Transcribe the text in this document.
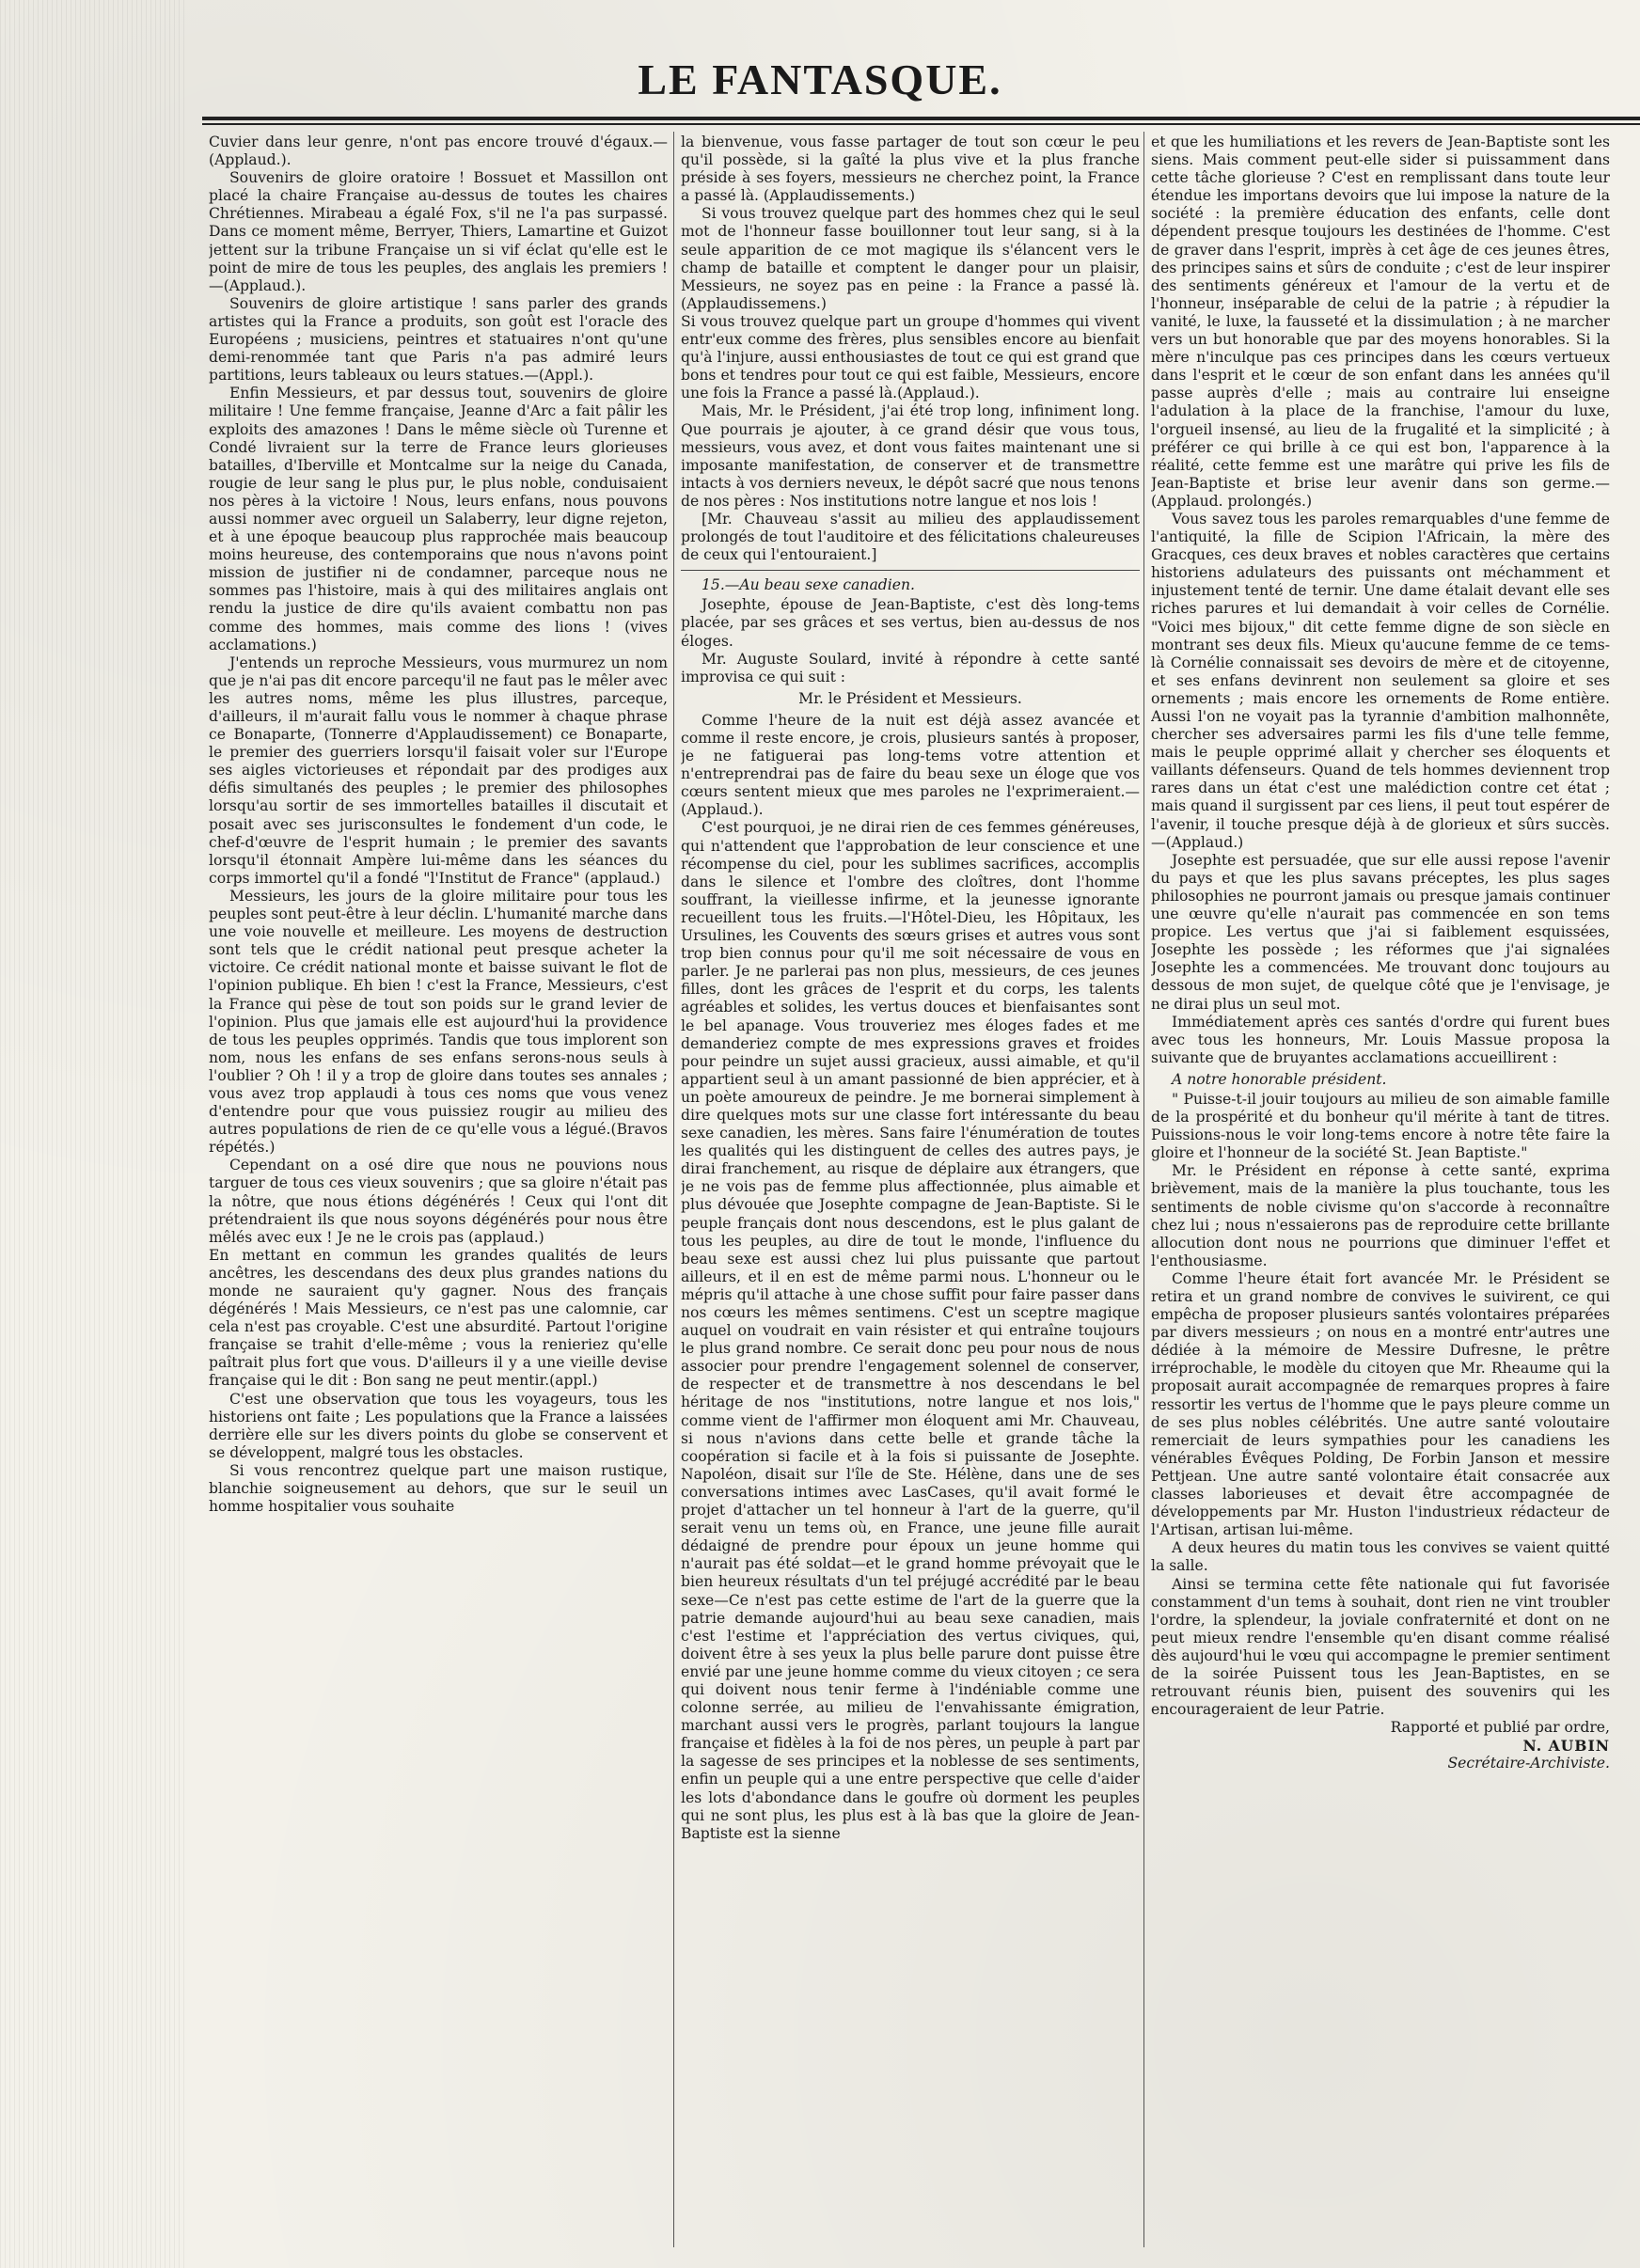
LE FANTASQUE.

Cuvier dans leur genre, n'ont pas encore trouvé d'égaux.—(Applaud.).

Souvenirs de gloire oratoire ! Bossuet et Massillon ont placé la chaire Française au-dessus de toutes les chaires Chrétiennes. Mirabeau a égalé Fox, s'il ne l'a pas surpassé. Dans ce moment même, Berryer, Thiers, Lamartine et Guizot jettent sur la tribune Française un si vif éclat qu'elle est le point de mire de tous les peuples, des anglais les premiers !—(Applaud.).

Souvenirs de gloire artistique ! sans parler des grands artistes qui la France a produits, son goût est l'oracle des Européens ; musiciens, peintres et statuaires n'ont qu'une demi-renommée tant que Paris n'a pas admiré leurs partitions, leurs tableaux ou leurs statues.—(Appl.).

Enfin Messieurs, et par dessus tout, souvenirs de gloire militaire ! Une femme française, Jeanne d'Arc a fait pâlir les exploits des amazones ! Dans le même siècle où Turenne et Condé livraient sur la terre de France leurs glorieuses batailles, d'Iberville et Montcalme sur la neige du Canada, rougie de leur sang le plus pur, le plus noble, conduisaient nos pères à la victoire ! Nous, leurs enfans, nous pouvons aussi nommer avec orgueil un Salaberry, leur digne rejeton, et à une époque beaucoup plus rapprochée mais beaucoup moins heureuse, des contemporains que nous n'avons point mission de justifier ni de condamner, parceque nous ne sommes pas l'histoire, mais à qui des militaires anglais ont rendu la justice de dire qu'ils avaient combattu non pas comme des hommes, mais comme des lions ! (vives acclamations.)

J'entends un reproche Messieurs, vous murmurez un nom que je n'ai pas dit encore parcequ'il ne faut pas le mêler avec les autres noms, même les plus illustres, parceque, d'ailleurs, il m'aurait fallu vous le nommer à chaque phrase ce Bonaparte, (Tonnerre d'Applaudissement) ce Bonaparte, le premier des guerriers lorsqu'il faisait voler sur l'Europe ses aigles victorieuses et répondait par des prodiges aux défis simultanés des peuples ; le premier des philosophes lorsqu'au sortir de ses immortelles batailles il discutait et posait avec ses jurisconsultes le fondement d'un code, le chef-d'œuvre de l'esprit humain ; le premier des savants lorsqu'il étonnait Ampère lui-même dans les séances du corps immortel qu'il a fondé "l'Institut de France" (applaud.)

Messieurs, les jours de la gloire militaire pour tous les peuples sont peut-être à leur déclin. L'humanité marche dans une voie nouvelle et meilleure. Les moyens de destruction sont tels que le crédit national peut presque acheter la victoire. Ce crédit national monte et baisse suivant le flot de l'opinion publique. Eh bien ! c'est la France, Messieurs, c'est la France qui pèse de tout son poids sur le grand levier de l'opinion. Plus que jamais elle est aujourd'hui la providence de tous les peuples opprimés. Tandis que tous implorent son nom, nous les enfans de ses enfans serons-nous seuls à l'oublier ? Oh ! il y a trop de gloire dans toutes ses annales ; vous avez trop applaudi à tous ces noms que vous venez d'entendre pour que vous puissiez rougir au milieu des autres populations de rien de ce qu'elle vous a légué.(Bravos répétés.)

Cependant on a osé dire que nous ne pouvions nous targuer de tous ces vieux souvenirs ; que sa gloire n'était pas la nôtre, que nous étions dégénérés ! Ceux qui l'ont dit prétendraient ils que nous soyons dégénérés pour nous être mêlés avec eux ! Je ne le crois pas (applaud.)

En mettant en commun les grandes qualités de leurs ancêtres, les descendans des deux plus grandes nations du monde ne sauraient qu'y gagner. Nous des français dégénérés ! Mais Messieurs, ce n'est pas une calomnie, car cela n'est pas croyable. C'est une absurdité. Partout l'origine française se trahit d'elle-même ; vous la renieriez qu'elle paîtrait plus fort que vous. D'ailleurs il y a une vieille devise française qui le dit : Bon sang ne peut mentir.(appl.)

C'est une observation que tous les voyageurs, tous les historiens ont faite ; Les populations que la France a laissées derrière elle sur les divers points du globe se conservent et se développent, malgré tous les obstacles.

Si vous rencontrez quelque part une maison rustique, blanchie soigneusement au dehors, que sur le seuil un homme hospitalier vous souhaite

la bienvenue, vous fasse partager de tout son cœur le peu qu'il possède, si la gaîté la plus vive et la plus franche préside à ses foyers, messieurs ne cherchez point, la France a passé là. (Applaudissements.)

Si vous trouvez quelque part des hommes chez qui le seul mot de l'honneur fasse bouillonner tout leur sang, si à la seule apparition de ce mot magique ils s'élancent vers le champ de bataille et comptent le danger pour un plaisir, Messieurs, ne soyez pas en peine : la France a passé là. (Applaudissemens.)

Si vous trouvez quelque part un groupe d'hommes qui vivent entr'eux comme des frères, plus sensibles encore au bienfait qu'à l'injure, aussi enthousiastes de tout ce qui est grand que bons et tendres pour tout ce qui est faible, Messieurs, encore une fois la France a passé là.(Applaud.).

Mais, Mr. le Président, j'ai été trop long, infiniment long. Que pourrais je ajouter, à ce grand désir que vous tous, messieurs, vous avez, et dont vous faites maintenant une si imposante manifestation, de conserver et de transmettre intacts à vos derniers neveux, le dépôt sacré que nous tenons de nos pères : Nos institutions notre langue et nos lois !

[Mr. Chauveau s'assit au milieu des applaudissement prolongés de tout l'auditoire et des félicitations chaleureuses de ceux qui l'entouraient.]

15.—Au beau sexe canadien.

Josephte, épouse de Jean-Baptiste, c'est dès long-tems placée, par ses grâces et ses vertus, bien au-dessus de nos éloges.

Mr. Auguste Soulard, invité à répondre à cette santé improvisa ce qui suit :

Mr. le Président et Messieurs.

Comme l'heure de la nuit est déjà assez avancée et comme il reste encore, je crois, plusieurs santés à proposer, je ne fatiguerai pas long-tems votre attention et n'entreprendrai pas de faire du beau sexe un éloge que vos cœurs sentent mieux que mes paroles ne l'exprimeraient.—(Applaud.).

C'est pourquoi, je ne dirai rien de ces femmes généreuses, qui n'attendent que l'approbation de leur conscience et une récompense du ciel, pour les sublimes sacrifices, accomplis dans le silence et l'ombre des cloîtres, dont l'homme souffrant, la vieillesse infirme, et la jeunesse ignorante recueillent tous les fruits.—l'Hôtel-Dieu, les Hôpitaux, les Ursulines, les Couvents des sœurs grises et autres vous sont trop bien connus pour qu'il me soit nécessaire de vous en parler. Je ne parlerai pas non plus, messieurs, de ces jeunes filles, dont les grâces de l'esprit et du corps, les talents agréables et solides, les vertus douces et bienfaisantes sont le bel apanage. Vous trouveriez mes éloges fades et me demanderiez compte de mes expressions graves et froides pour peindre un sujet aussi gracieux, aussi aimable, et qu'il appartient seul à un amant passionné de bien apprécier, et à un poète amoureux de peindre. Je me bornerai simplement à dire quelques mots sur une classe fort intéressante du beau sexe canadien, les mères. Sans faire l'énumération de toutes les qualités qui les distinguent de celles des autres pays, je dirai franchement, au risque de déplaire aux étrangers, que je ne vois pas de femme plus affectionnée, plus aimable et plus dévouée que Josephte compagne de Jean-Baptiste. Si le peuple français dont nous descendons, est le plus galant de tous les peuples, au dire de tout le monde, l'influence du beau sexe est aussi chez lui plus puissante que partout ailleurs, et il en est de même parmi nous. L'honneur ou le mépris qu'il attache à une chose suffit pour faire passer dans nos cœurs les mêmes sentimens. C'est un sceptre magique auquel on voudrait en vain résister et qui entraîne toujours le plus grand nombre. Ce serait donc peu pour nous de nous associer pour prendre l'engagement solennel de conserver, de respecter et de transmettre à nos descendans le bel héritage de nos "institutions, notre langue et nos lois," comme vient de l'affirmer mon éloquent ami Mr. Chauveau, si nous n'avions dans cette belle et grande tâche la coopération si facile et à la fois si puissante de Josephte. Napoléon, disait sur l'île de Ste. Hélène, dans une de ses conversations intimes avec LasCases, qu'il avait formé le projet d'attacher un tel honneur à l'art de la guerre, qu'il serait venu un tems où, en France, une jeune fille aurait dédaigné de prendre pour époux un jeune homme qui n'aurait pas été soldat—et le grand homme prévoyait que le bien heureux résultats d'un tel préjugé accrédité par le beau sexe—Ce n'est pas cette estime de l'art de la guerre que la patrie demande aujourd'hui au beau sexe canadien, mais c'est l'estime et l'appréciation des vertus civiques, qui, doivent être à ses yeux la plus belle parure dont puisse être envié par une jeune homme comme du vieux citoyen ; ce sera qui doivent nous tenir ferme à l'indéniable comme une colonne serrée, au milieu de l'envahissante émigration, marchant aussi vers le progrès, parlant toujours la langue française et fidèles à la foi de nos pères, un peuple à part par la sagesse de ses principes et la noblesse de ses sentiments, enfin un peuple qui a une entre perspective que celle d'aider les lots d'abondance dans le goufre où dorment les peuples qui ne sont plus, les plus est à là bas que la gloire de Jean-Baptiste est la sienne

et que les humiliations et les revers de Jean-Baptiste sont les siens. Mais comment peut-elle sider si puissamment dans cette tâche glorieuse ? C'est en remplissant dans toute leur étendue les importans devoirs que lui impose la nature de la société : la première éducation des enfants, celle dont dépendent presque toujours les destinées de l'homme. C'est de graver dans l'esprit, imprès à cet âge de ces jeunes êtres, des principes sains et sûrs de conduite ; c'est de leur inspirer des sentiments généreux et l'amour de la vertu et de l'honneur, inséparable de celui de la patrie ; à répudier la vanité, le luxe, la fausseté et la dissimulation ; à ne marcher vers un but honorable que par des moyens honorables. Si la mère n'inculque pas ces principes dans les cœurs vertueux dans l'esprit et le cœur de son enfant dans les années qu'il passe auprès d'elle ; mais au contraire lui enseigne l'adulation à la place de la franchise, l'amour du luxe, l'orgueil insensé, au lieu de la frugalité et la simplicité ; à préférer ce qui brille à ce qui est bon, l'apparence à la réalité, cette femme est une marâtre qui prive les fils de Jean-Baptiste et brise leur avenir dans son germe.—(Applaud. prolongés.)

Vous savez tous les paroles remarquables d'une femme de l'antiquité, la fille de Scipion l'Africain, la mère des Gracques, ces deux braves et nobles caractères que certains historiens adulateurs des puissants ont méchamment et injustement tenté de ternir. Une dame étalait devant elle ses riches parures et lui demandait à voir celles de Cornélie. "Voici mes bijoux," dit cette femme digne de son siècle en montrant ses deux fils. Mieux qu'aucune femme de ce tems-là Cornélie connaissait ses devoirs de mère et de citoyenne, et ses enfans devinrent non seulement sa gloire et ses ornements ; mais encore les ornements de Rome entière. Aussi l'on ne voyait pas la tyrannie d'ambition malhonnête, chercher ses adversaires parmi les fils d'une telle femme, mais le peuple opprimé allait y chercher ses éloquents et vaillants défenseurs. Quand de tels hommes deviennent trop rares dans un état c'est une malédiction contre cet état ; mais quand il surgissent par ces liens, il peut tout espérer de l'avenir, il touche presque déjà à de glorieux et sûrs succès.—(Applaud.)

Josephte est persuadée, que sur elle aussi repose l'avenir du pays et que les plus savans préceptes, les plus sages philosophies ne pourront jamais ou presque jamais continuer une œuvre qu'elle n'aurait pas commencée en son tems propice. Les vertus que j'ai si faiblement esquissées, Josephte les possède ; les réformes que j'ai signalées Josephte les a commencées. Me trouvant donc toujours au dessous de mon sujet, de quelque côté que je l'envisage, je ne dirai plus un seul mot.

Immédiatement après ces santés d'ordre qui furent bues avec tous les honneurs, Mr. Louis Massue proposa la suivante que de bruyantes acclamations accueillirent :

A notre honorable président.

" Puisse-t-il jouir toujours au milieu de son aimable famille de la prospérité et du bonheur qu'il mérite à tant de titres. Puissions-nous le voir long-tems encore à notre tête faire la gloire et l'honneur de la société St. Jean Baptiste."

Mr. le Président en réponse à cette santé, exprima brièvement, mais de la manière la plus touchante, tous les sentiments de noble civisme qu'on s'accorde à reconnaître chez lui ; nous n'essaierons pas de reproduire cette brillante allocution dont nous ne pourrions que diminuer l'effet et l'enthousiasme.

Comme l'heure était fort avancée Mr. le Président se retira et un grand nombre de convives le suivirent, ce qui empêcha de proposer plusieurs santés volontaires préparées par divers messieurs ; on nous en a montré entr'autres une dédiée à la mémoire de Messire Dufresne, le prêtre irréprochable, le modèle du citoyen que Mr. Rheaume qui la proposait aurait accompagnée de remarques propres à faire ressortir les vertus de l'homme que le pays pleure comme un de ses plus nobles célébrités. Une autre santé voloutaire remerciait de leurs sympathies pour les canadiens les vénérables Évêques Polding, De Forbin Janson et messire Pettjean. Une autre santé volontaire était consacrée aux classes laborieuses et devait être accompagnée de développements par Mr. Huston l'industrieux rédacteur de l'Artisan, artisan lui-même.

A deux heures du matin tous les convives se vaient quitté la salle.

Ainsi se termina cette fête nationale qui fut favorisée constamment d'un tems à souhait, dont rien ne vint troubler l'ordre, la splendeur, la joviale confraternité et dont on ne peut mieux rendre l'ensemble qu'en disant comme réalisé dès aujourd'hui le vœu qui accompagne le premier sentiment de la soirée Puissent tous les Jean-Baptistes, en se retrouvant réunis bien, puisent des souvenirs qui les encourageraient de leur Patrie.

Rapporté et publié par ordre,

N. AUBIN
Secrétaire-Archiviste.
